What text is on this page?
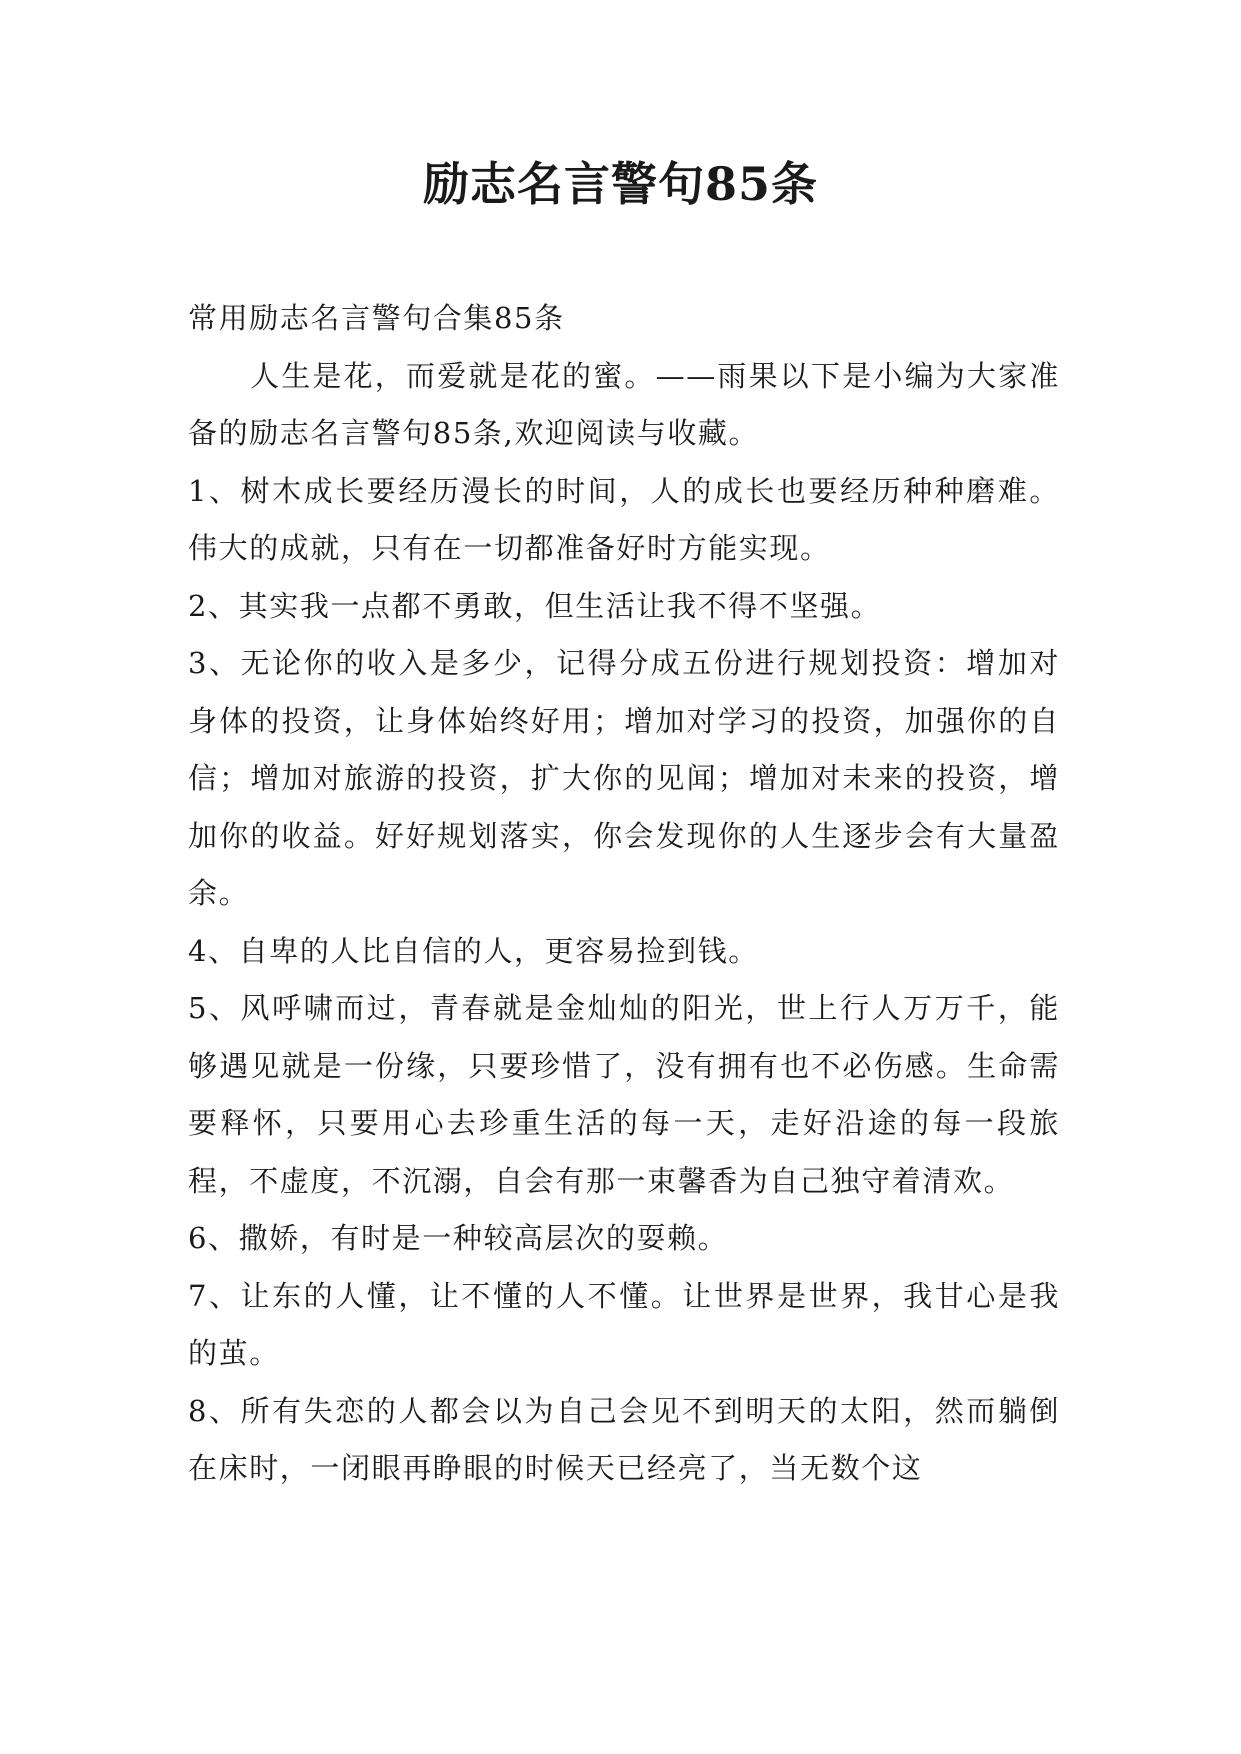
励志名言警句85条

常用励志名言警句合集85条

人生是花，而爱就是花的蜜。——雨果以下是小编为大家准备的励志名言警句85条,欢迎阅读与收藏。

1、树木成长要经历漫长的时间，人的成长也要经历种种磨难。伟大的成就，只有在一切都准备好时方能实现。

2、其实我一点都不勇敢，但生活让我不得不坚强。

3、无论你的收入是多少，记得分成五份进行规划投资：增加对身体的投资，让身体始终好用；增加对学习的投资，加强你的自信；增加对旅游的投资，扩大你的见闻；增加对未来的投资，增加你的收益。好好规划落实，你会发现你的人生逐步会有大量盈余。

4、自卑的人比自信的人，更容易捡到钱。

5、风呼啸而过，青春就是金灿灿的阳光，世上行人万万千，能够遇见就是一份缘，只要珍惜了，没有拥有也不必伤感。生命需要释怀，只要用心去珍重生活的每一天，走好沿途的每一段旅程，不虚度，不沉溺，自会有那一束馨香为自己独守着清欢。

6、撒娇，有时是一种较高层次的耍赖。

7、让东的人懂，让不懂的人不懂。让世界是世界，我甘心是我的茧。

8、所有失恋的人都会以为自己会见不到明天的太阳，然而躺倒在床时，一闭眼再睁眼的时候天已经亮了，当无数个这
